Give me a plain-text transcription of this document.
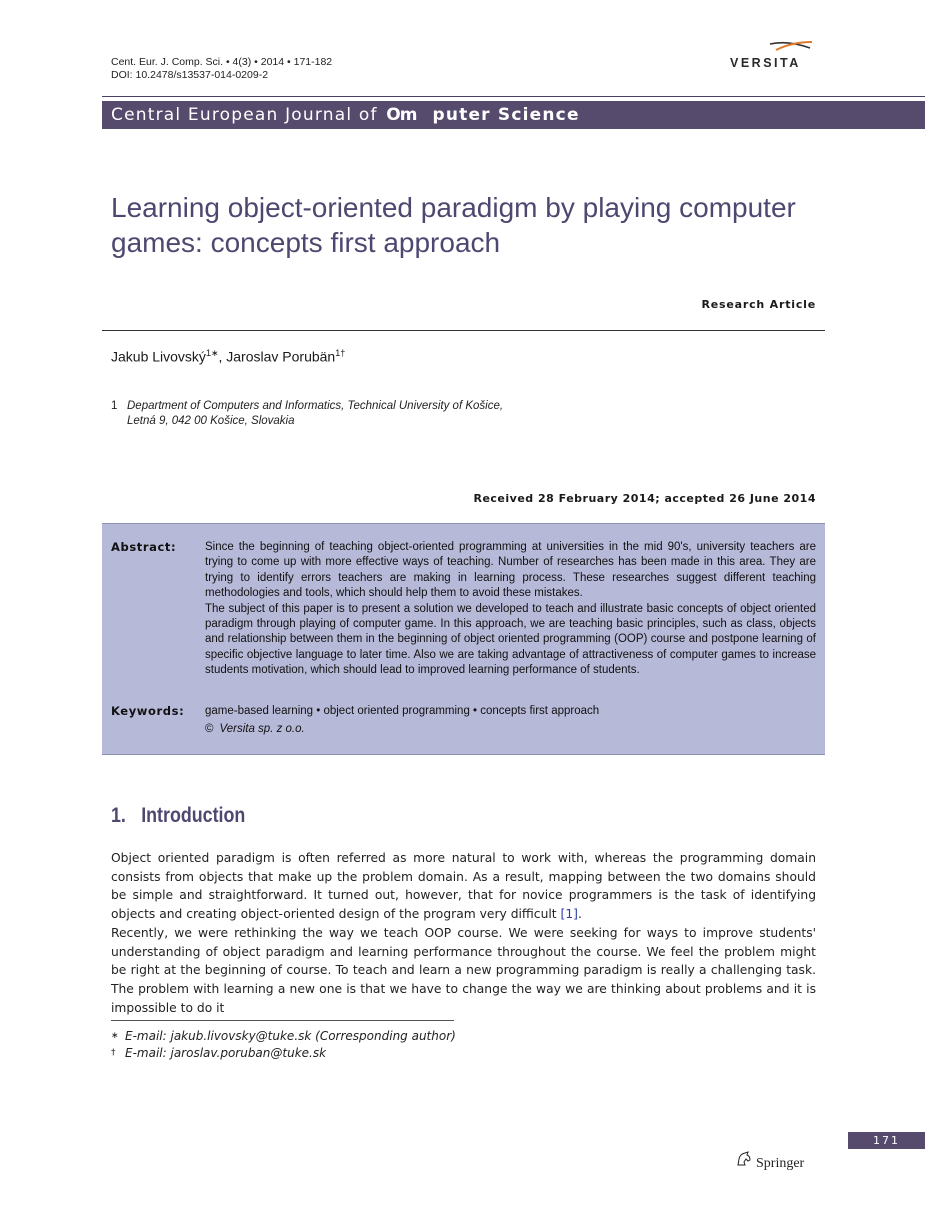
Cent. Eur. J. Comp. Sci. • 4(3) • 2014 • 171-182
DOI: 10.2478/s13537-014-0209-2
VERSITA
Central European Journal of Om puter Science
Learning object-oriented paradigm by playing computer games: concepts first approach
Research Article
Jakub Livovský$^{1∗}$, Jaroslav Porubän$^{1\dagger}$
1 Department of Computers and Informatics, Technical University of Košice,
Letná 9, 042 00 Košice, Slovakia
Received 28 February 2014; accepted 26 June 2014
Abstract:	Since the beginning of teaching object-oriented programming at universities in the mid 90's, university teachers are trying to come up with more effective ways of teaching. Number of researches has been made in this area. They are trying to identify errors teachers are making in learning process. These researches suggest different teaching methodologies and tools, which should help them to avoid these mistakes.
The subject of this paper is to present a solution we developed to teach and illustrate basic concepts of object oriented paradigm through playing of computer game. In this approach, we are teaching basic principles, such as class, objects and relationship between them in the beginning of object oriented programming (OOP) course and postpone learning of specific objective language to later time. Also we are taking advantage of attractiveness of computer games to increase students motivation, which should lead to improved learning performance of students.
Keywords: game-based learning • object oriented programming • concepts first approach
© Versita sp. z o.o.
1. Introduction

Object oriented paradigm is often referred as more natural to work with, whereas the programming domain consists from objects that make up the problem domain. As a result, mapping between the two domains should be simple and straightforward. It turned out, however, that for novice programmers is the task of identifying objects and creating object-oriented design of the program very difficult [1].

Recently, we were rethinking the way we teach OOP course. We were seeking for ways to improve students' understanding of object paradigm and learning performance throughout the course. We feel the problem might be right at the beginning of course. To teach and learn a new programming paradigm is really a challenging task. The problem with learning a new one is that we have to change the way we are thinking about problems and it is impossible to do it

∗ E-mail: jakub.livovsky@tuke.sk (Corresponding author)
† E-mail: jaroslav.poruban@tuke.sk
171
Springer
